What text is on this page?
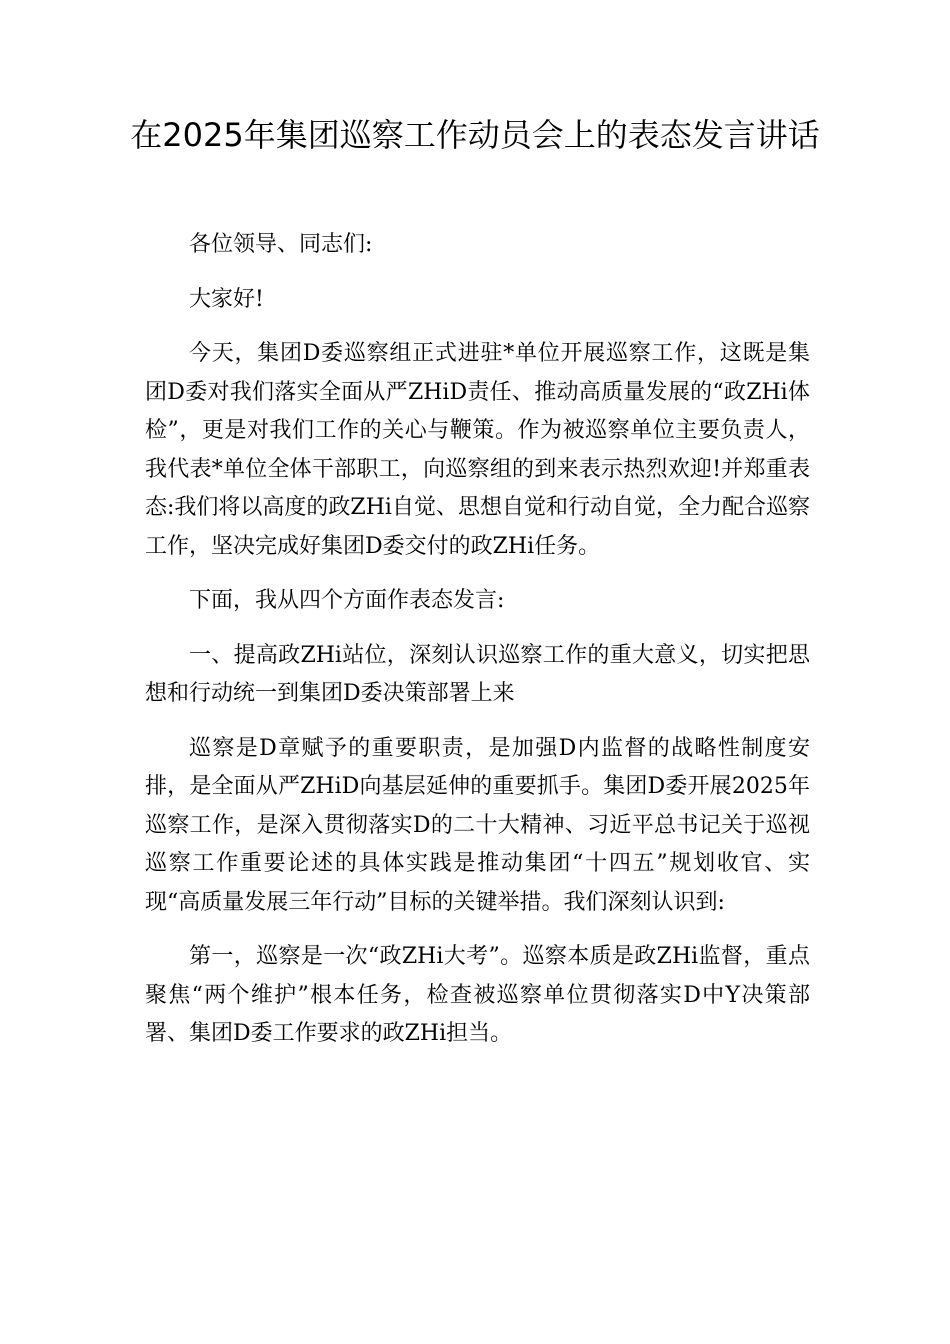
在2025年集团巡察工作动员会上的表态发言讲话

各位领导、同志们:

大家好!

今天，集团D委巡察组正式进驻*单位开展巡察工作，这既是集团D委对我们落实全面从严ZHiD责任、推动高质量发展的“政ZHi体检”，更是对我们工作的关心与鞭策。作为被巡察单位主要负责人，我代表*单位全体干部职工，向巡察组的到来表示热烈欢迎!并郑重表态:我们将以高度的政ZHi自觉、思想自觉和行动自觉，全力配合巡察工作，坚决完成好集团D委交付的政ZHi任务。

下面，我从四个方面作表态发言:

一、提高政ZHi站位，深刻认识巡察工作的重大意义，切实把思想和行动统一到集团D委决策部署上来

巡察是D章赋予的重要职责，是加强D内监督的战略性制度安排，是全面从严ZHiD向基层延伸的重要抓手。集团D委开展2025年巡察工作，是深入贯彻落实D的二十大精神、习近平总书记关于巡视巡察工作重要论述的具体实践是推动集团“十四五”规划收官、实现“高质量发展三年行动”目标的关键举措。我们深刻认识到:

第一，巡察是一次“政ZHi大考”。巡察本质是政ZHi监督，重点聚焦“两个维护”根本任务，检查被巡察单位贯彻落实D中Y决策部署、集团D委工作要求的政ZHi担当。
